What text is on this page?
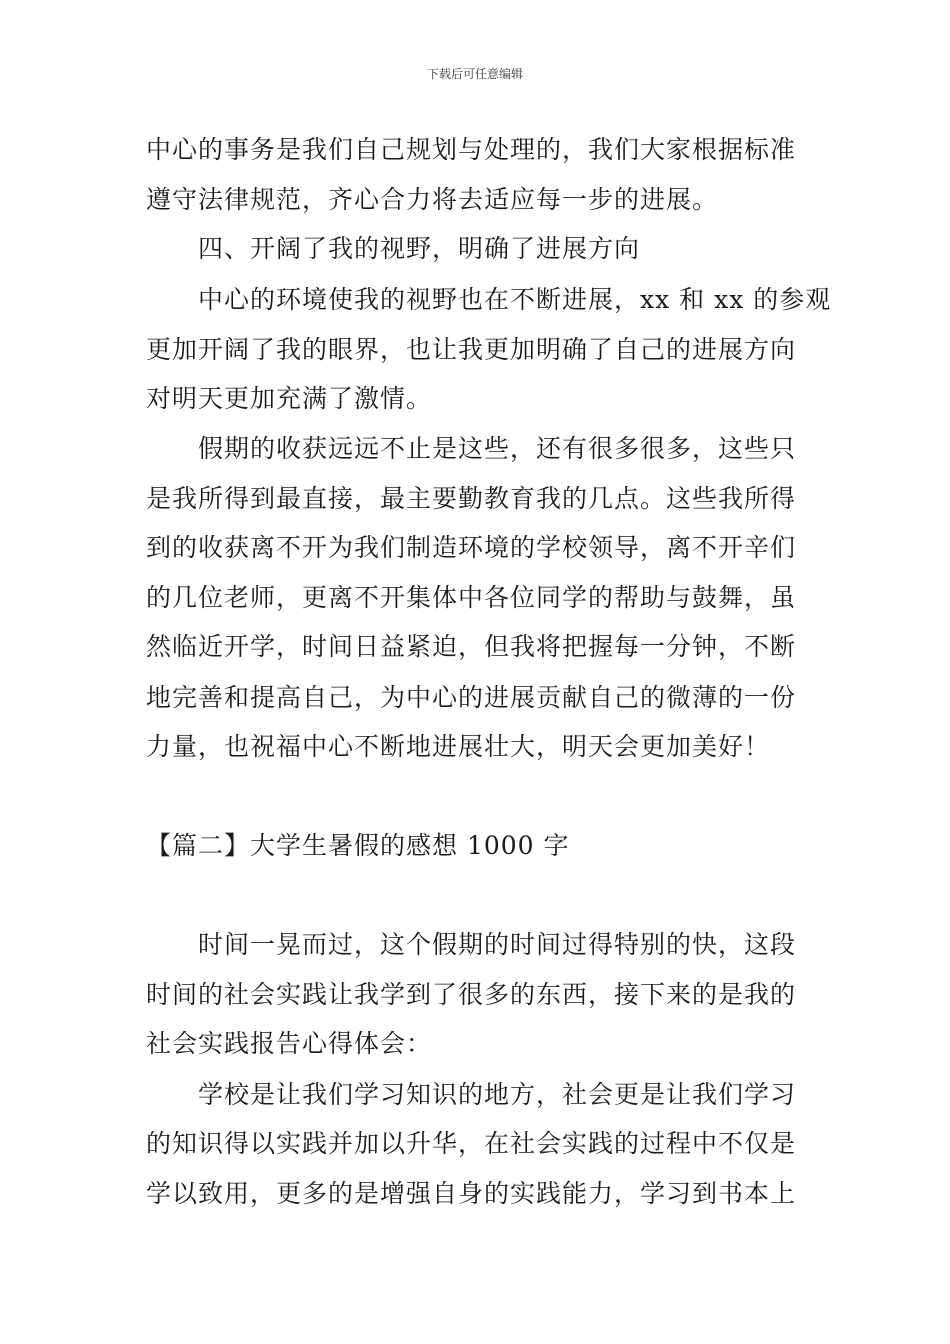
下载后可任意编辑
中心的事务是我们自己规划与处理的，我们大家根据标准
遵守法律规范，齐心合力将去适应每一步的进展。
四、开阔了我的视野，明确了进展方向
中心的环境使我的视野也在不断进展，xx 和 xx 的参观
更加开阔了我的眼界，也让我更加明确了自己的进展方向
对明天更加充满了激情。
假期的收获远远不止是这些，还有很多很多，这些只
是我所得到最直接，最主要勤教育我的几点。这些我所得
到的收获离不开为我们制造环境的学校领导，离不开辛们
的几位老师，更离不开集体中各位同学的帮助与鼓舞，虽
然临近开学，时间日益紧迫，但我将把握每一分钟，不断
地完善和提高自己，为中心的进展贡献自己的微薄的一份
力量，也祝福中心不断地进展壮大，明天会更加美好！
【篇二】大学生暑假的感想 1000 字
时间一晃而过，这个假期的时间过得特别的快，这段
时间的社会实践让我学到了很多的东西，接下来的是我的
社会实践报告心得体会：
学校是让我们学习知识的地方，社会更是让我们学习
的知识得以实践并加以升华，在社会实践的过程中不仅是
学以致用，更多的是增强自身的实践能力，学习到书本上
